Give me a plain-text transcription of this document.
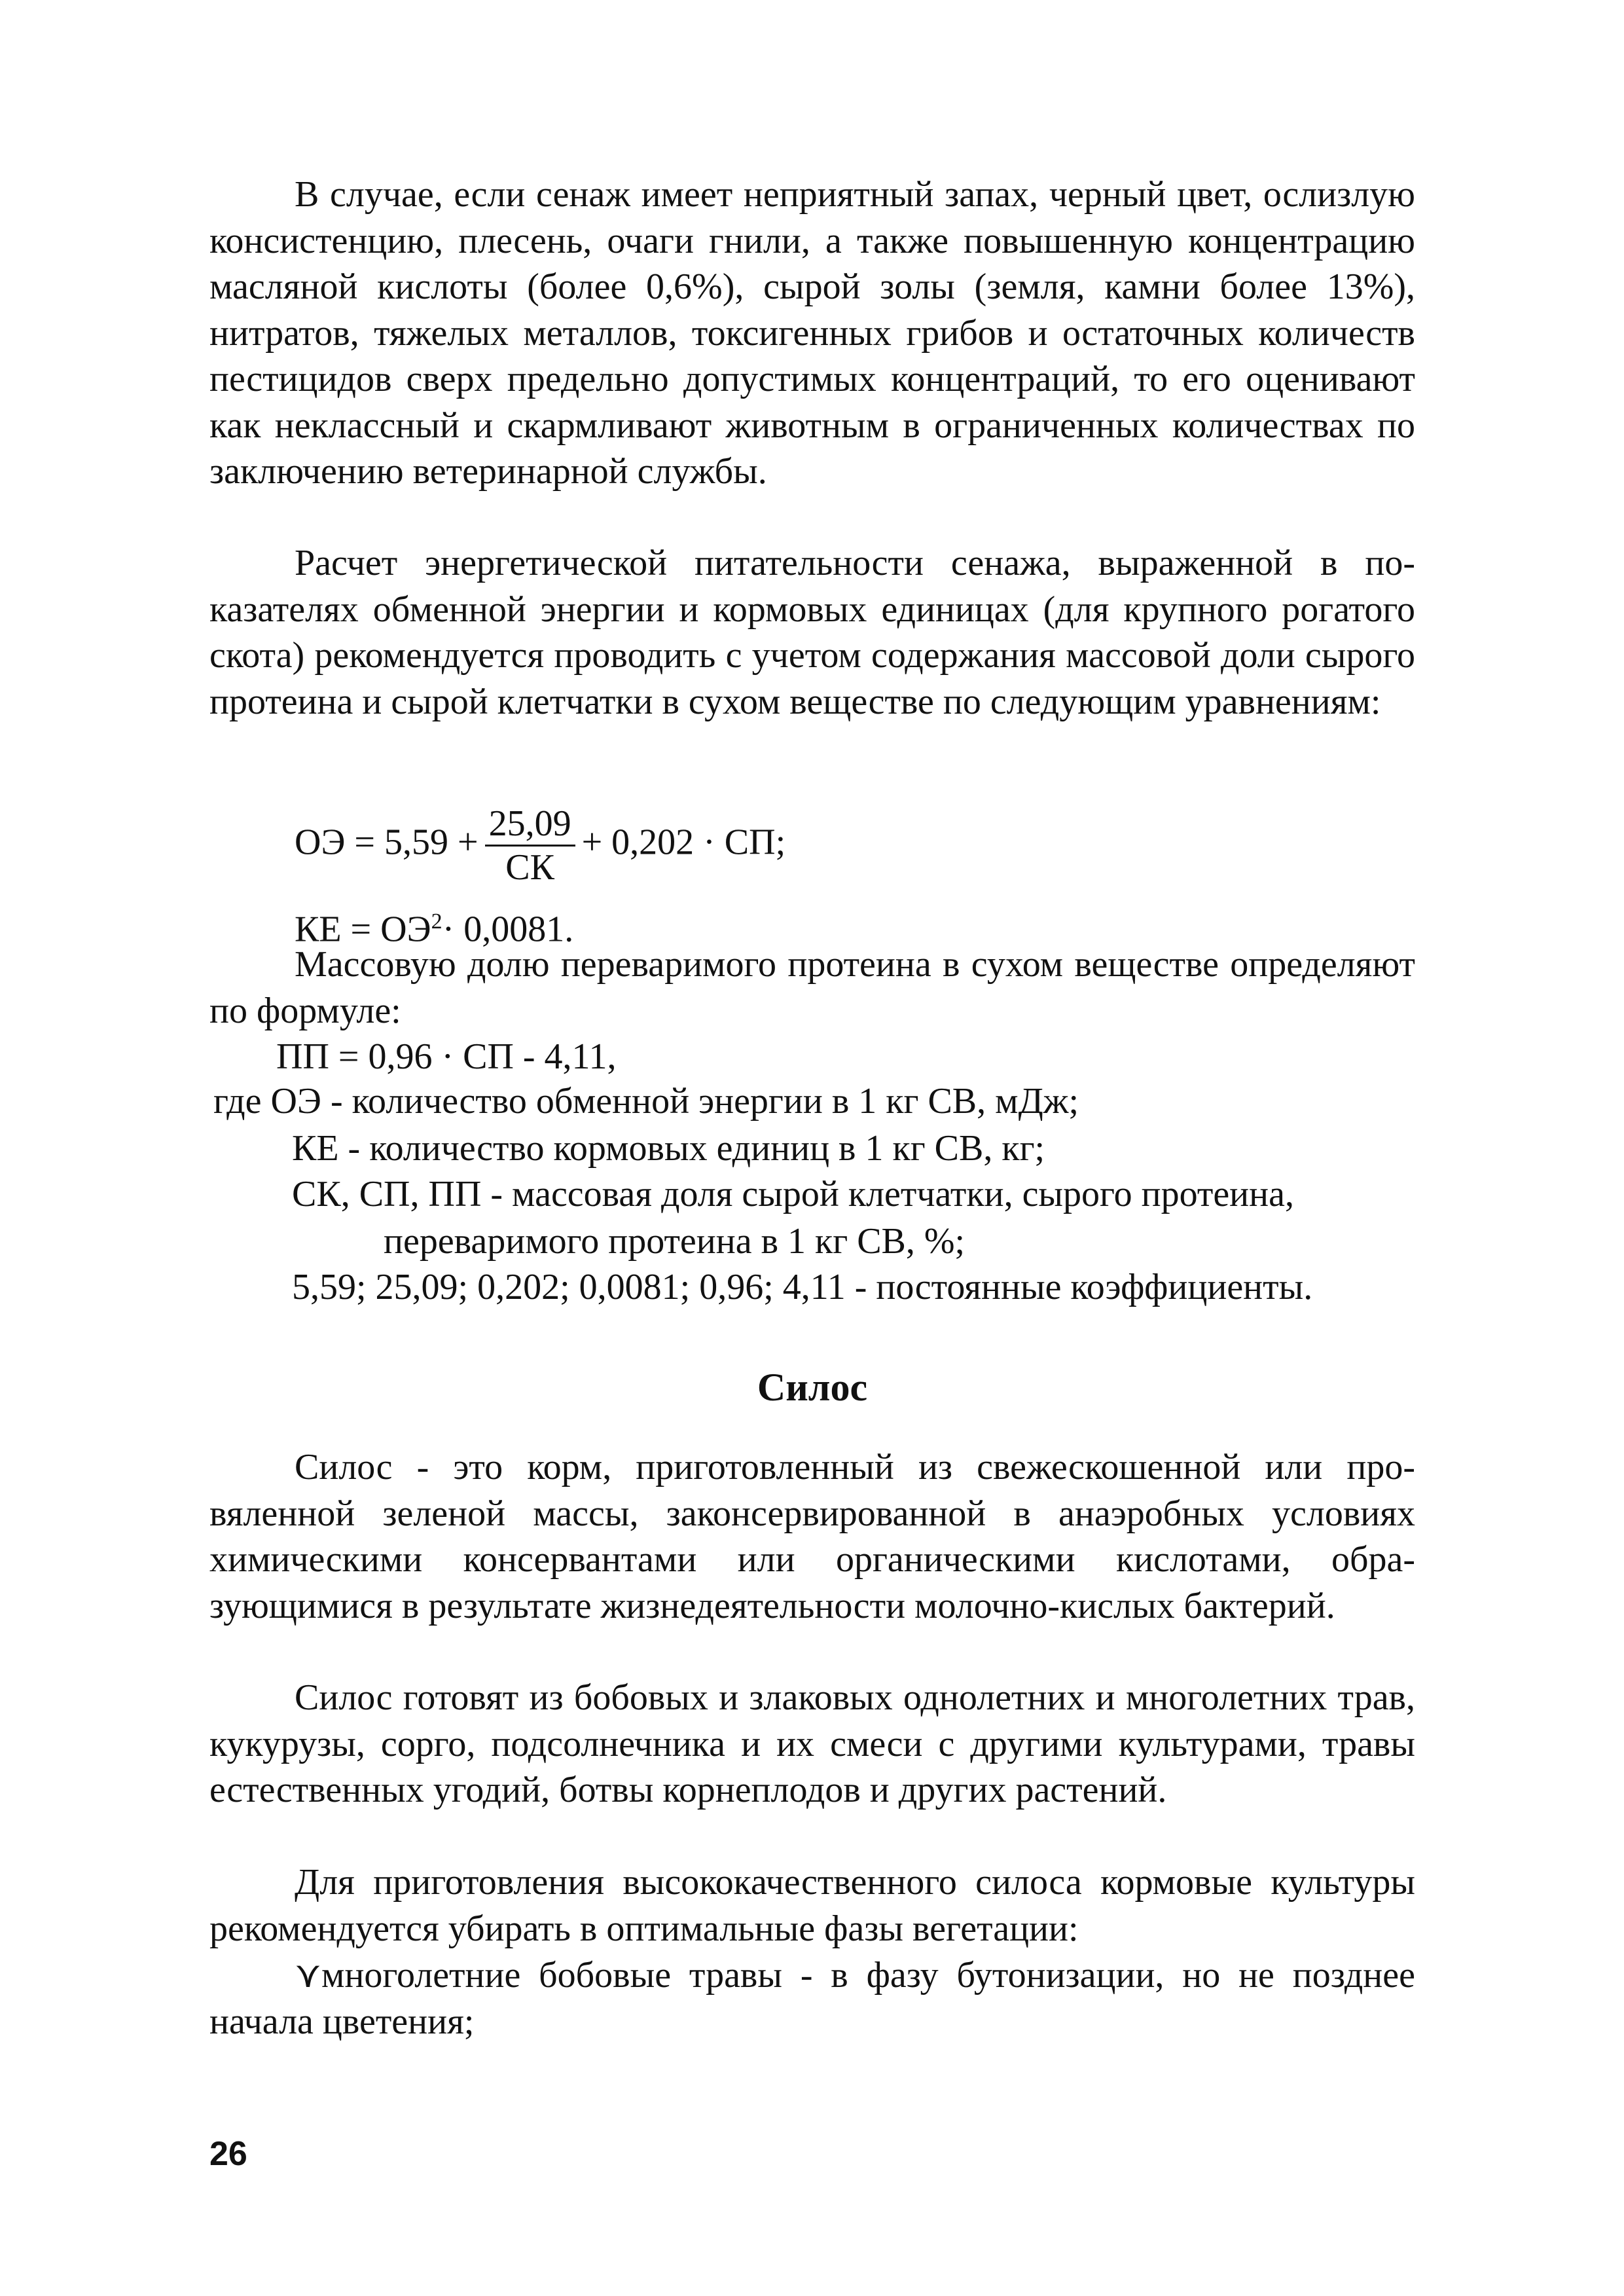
В случае, если сенаж имеет неприятный запах, черный цвет, ослизлую консистенцию, плесень, очаги гнили, а также повышенную концентрацию масляной кислоты (более 0,6%), сырой золы (земля, камни более 13%), нитратов, тяжелых металлов, токсигенных грибов и остаточных количеств пестицидов сверх предельно допустимых концентраций, то его оценивают как неклассный и скармливают животным в ограниченных количествах по заключению ветеринарной службы.

Расчет энергетической питательности сенажа, выраженной в показателях обменной энергии и кормовых единицах (для крупного рогатого скота) рекомендуется проводить с учетом содержания массовой доли сырого протеина и сырой клетчатки в сухом веществе по следующим уравнениям:

ОЭ = $5,59 + \frac{25,09}{СК} + 0,202$ · СП;
КЕ = $ОЭ^2\cdot 0,0081$.

Массовую долю переваримого протеина в сухом веществе определяют по формуле:

ПП = 0,96 · СП - 4,11,
где ОЭ - количество обменной энергии в 1 кг СВ, мДж;
КЕ - количество кормовых единиц в 1 кг СВ, кг;
СК, СП, ПП - массовая доля сырой клетчатки, сырого протеина,
переваримого протеина в 1 кг СВ, %;
5,59; 25,09; 0,202; 0,0081; 0,96; 4,11 - постоянные коэффициенты.
Силос

Силос - это корм, приготовленный из свежескошенной или провяленной зеленой массы, законсервированной в анаэробных условиях химическими консервантами или органическими кислотами, образующимися в результате жизнедеятельности молочно-кислых бактерий.

Силос готовят из бобовых и злаковых однолетних и многолетних трав, кукурузы, сорго, подсолнечника и их смеси с другими культурами, травы естественных угодий, ботвы корнеплодов и других растений.

Для приготовления высококачественного силоса кормовые культуры рекомендуется убирать в оптимальные фазы вегетации:

⋎многолетние бобовые травы - в фазу бутонизации, но не позднее начала цветения;

26
